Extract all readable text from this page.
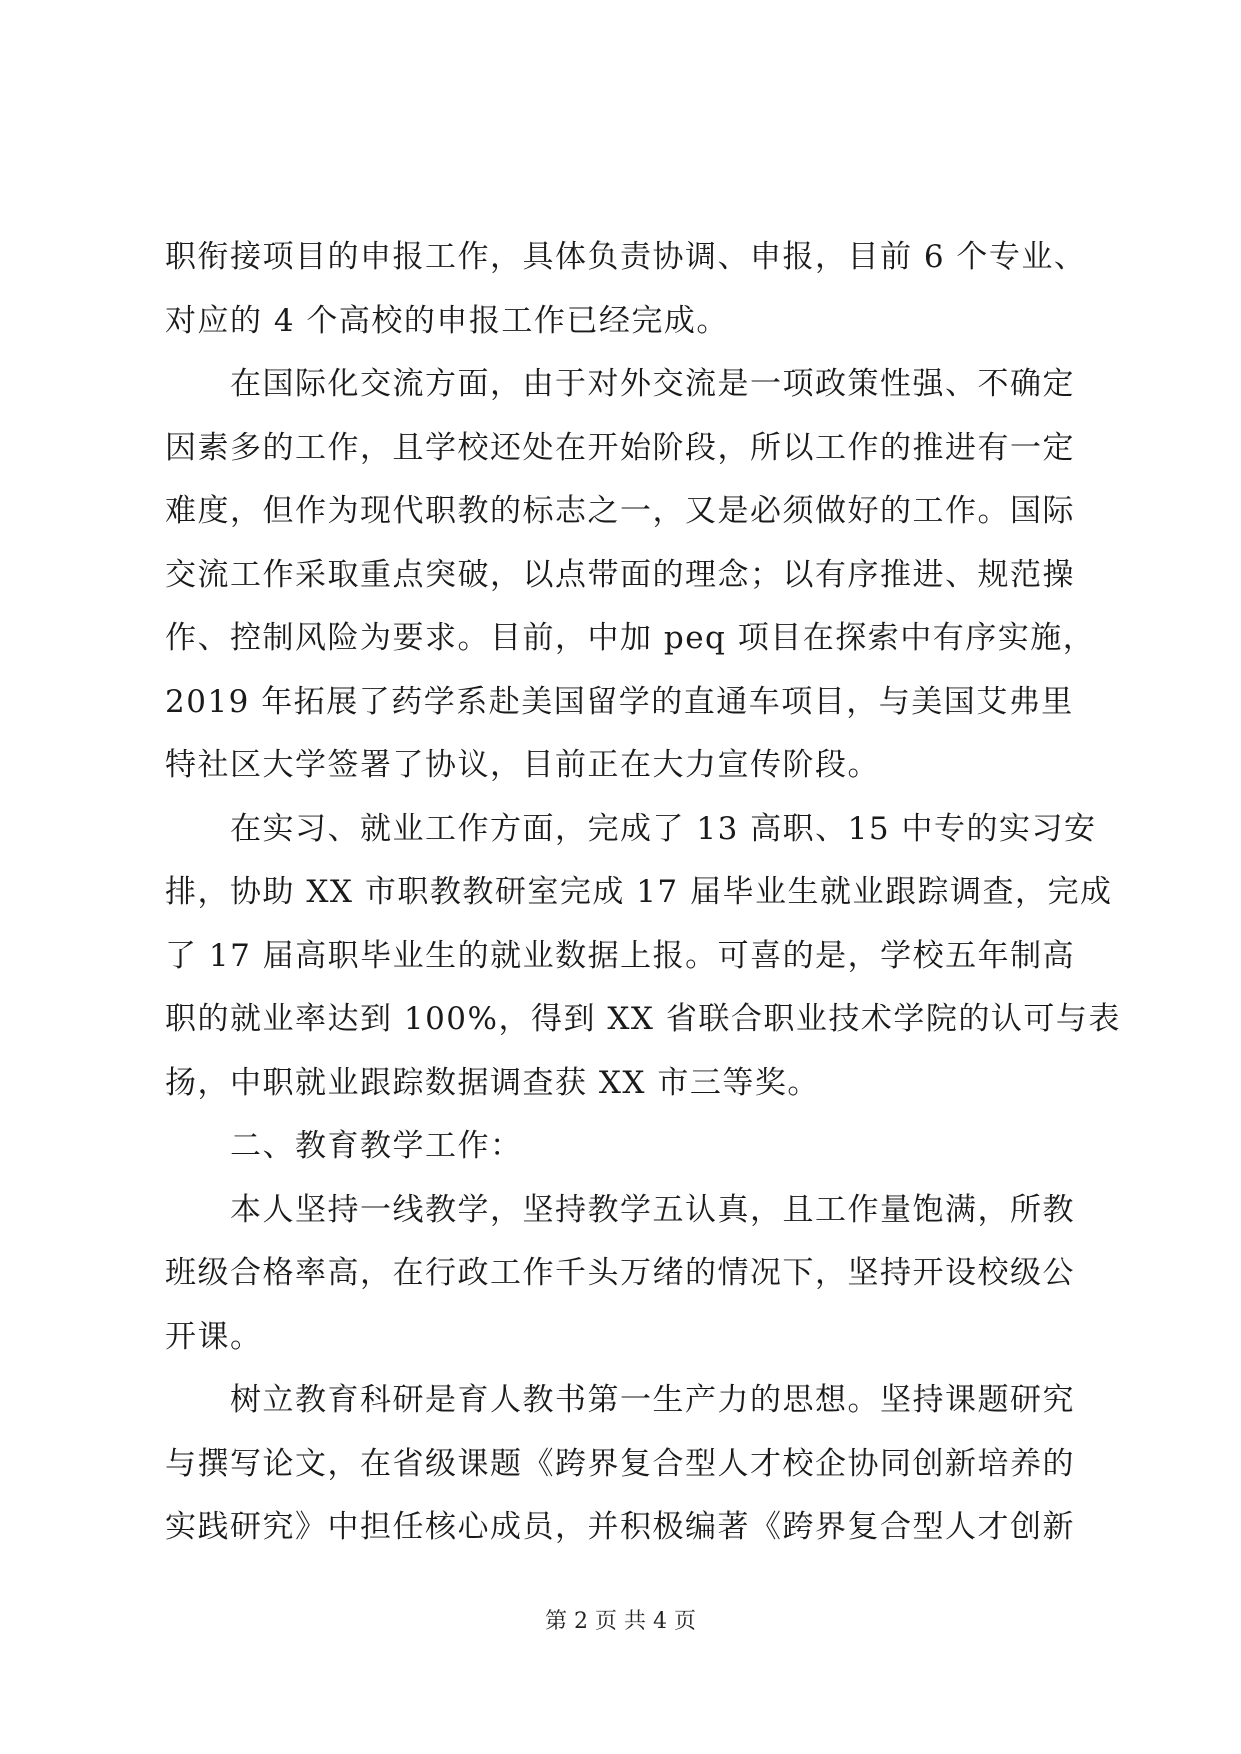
职衔接项目的申报工作，具体负责协调、申报，目前 6 个专业、
对应的 4 个高校的申报工作已经完成。
　　在国际化交流方面，由于对外交流是一项政策性强、不确定
因素多的工作，且学校还处在开始阶段，所以工作的推进有一定
难度，但作为现代职教的标志之一，又是必须做好的工作。国际
交流工作采取重点突破，以点带面的理念；以有序推进、规范操
作、控制风险为要求。目前，中加 peq 项目在探索中有序实施，
2019 年拓展了药学系赴美国留学的直通车项目，与美国艾弗里
特社区大学签署了协议，目前正在大力宣传阶段。
　　在实习、就业工作方面，完成了 13 高职、15 中专的实习安
排，协助 XX 市职教教研室完成 17 届毕业生就业跟踪调查，完成
了 17 届高职毕业生的就业数据上报。可喜的是，学校五年制高
职的就业率达到 100%，得到 XX 省联合职业技术学院的认可与表
扬，中职就业跟踪数据调查获 XX 市三等奖。
　　二、教育教学工作：
　　本人坚持一线教学，坚持教学五认真，且工作量饱满，所教
班级合格率高，在行政工作千头万绪的情况下，坚持开设校级公
开课。
　　树立教育科研是育人教书第一生产力的思想。坚持课题研究
与撰写论文，在省级课题《跨界复合型人才校企协同创新培养的
实践研究》中担任核心成员，并积极编著《跨界复合型人才创新
第 2 页 共 4 页
